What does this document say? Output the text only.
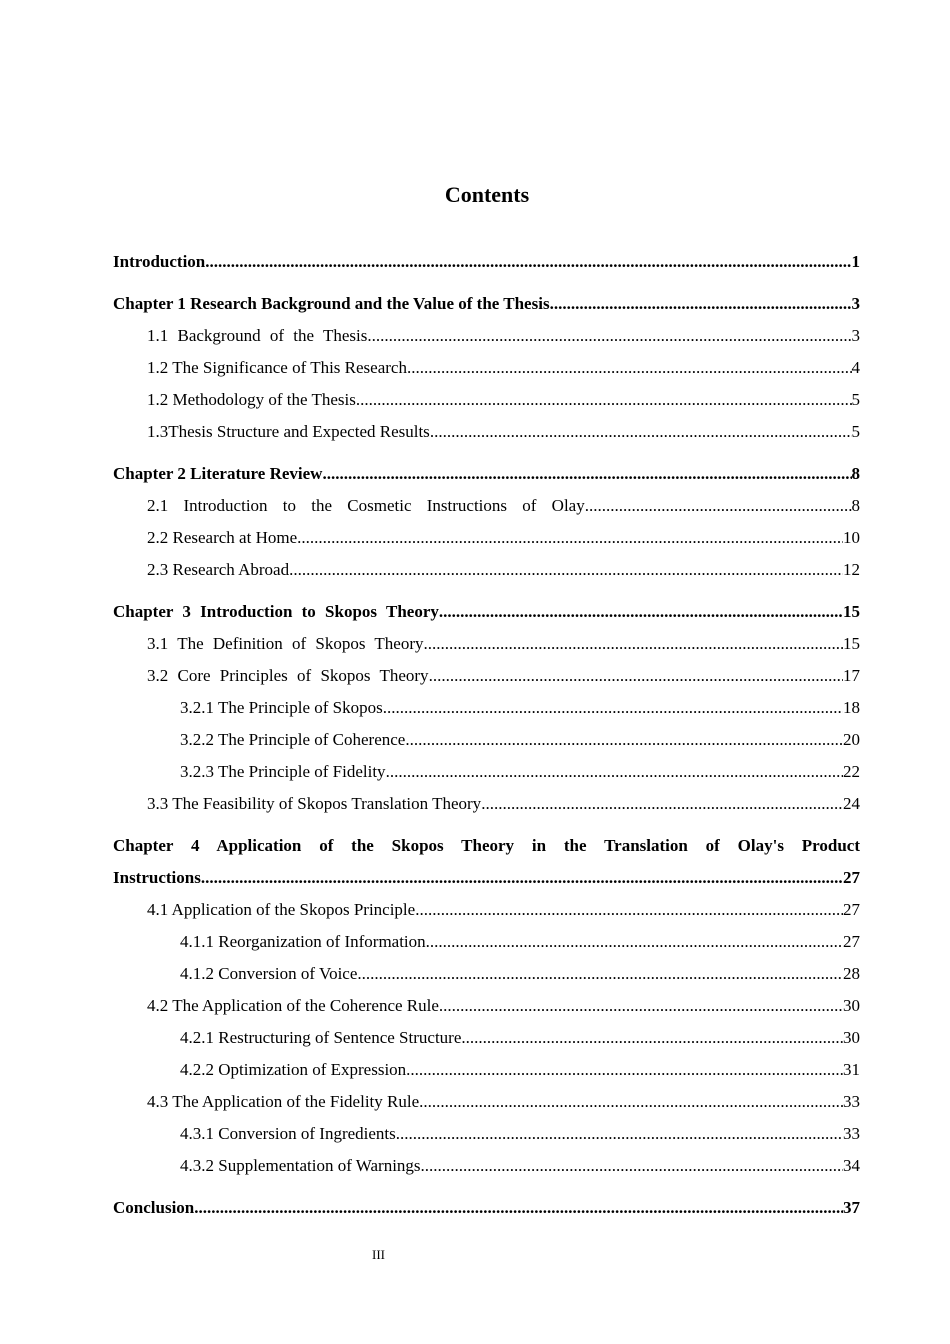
Contents
Introduction .....	1
Chapter 1 Research Background and the Value of the Thesis .....	3
1.1 Background of the Thesis .....	3
1.2 The Significance of This Research .....	4
1.2 Methodology of the Thesis .....	5
1.3Thesis Structure and Expected Results .....	5
Chapter 2 Literature Review .....	8
2.1 Introduction to the Cosmetic Instructions of Olay .....	8
2.2 Research at Home .....	10
2.3 Research Abroad .....	12
Chapter 3 Introduction to Skopos Theory .....	15
3.1 The Definition of Skopos Theory .....	15
3.2 Core Principles of Skopos Theory .....	17
3.2.1 The Principle of Skopos .....	18
3.2.2 The Principle of Coherence .....	20
3.2.3 The Principle of Fidelity .....	22
3.3 The Feasibility of Skopos Translation Theory .....	24
Chapter 4 Application of the Skopos Theory in the Translation of Olay's Product
Instructions .....	27
4.1 Application of the Skopos Principle .....	27
4.1.1 Reorganization of Information .....	27
4.1.2 Conversion of Voice .....	28
4.2 The Application of the Coherence Rule .....	30
4.2.1 Restructuring of Sentence Structure .....	30
4.2.2 Optimization of Expression .....	31
4.3 The Application of the Fidelity Rule .....	33
4.3.1 Conversion of Ingredients .....	33
4.3.2 Supplementation of Warnings .....	34
Conclusion .....	37
III
